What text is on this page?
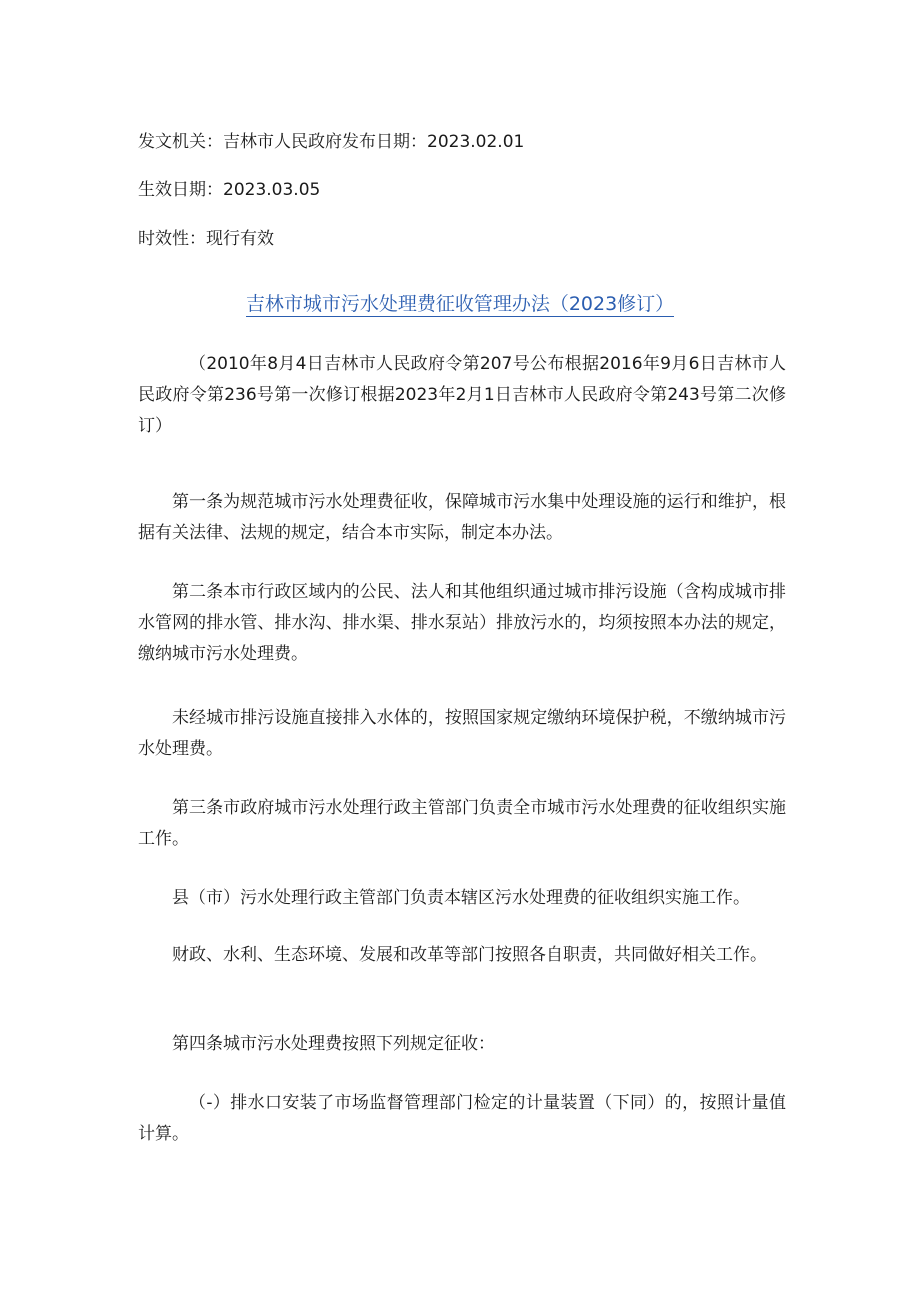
发文机关：吉林市人民政府发布日期：2023.02.01
生效日期：2023.03.05
时效性：现行有效
吉林市城市污水处理费征收管理办法（2023修订）

（2010年8月4日吉林市人民政府令第207号公布根据2016年9月6日吉林市人民政府令第236号第一次修订根据2023年2月1日吉林市人民政府令第243号第二次修订）

第一条为规范城市污水处理费征收，保障城市污水集中处理设施的运行和维护，根据有关法律、法规的规定，结合本市实际，制定本办法。

第二条本市行政区域内的公民、法人和其他组织通过城市排污设施（含构成城市排水管网的排水管、排水沟、排水渠、排水泵站）排放污水的，均须按照本办法的规定，缴纳城市污水处理费。

未经城市排污设施直接排入水体的，按照国家规定缴纳环境保护税，不缴纳城市污水处理费。

第三条市政府城市污水处理行政主管部门负责全市城市污水处理费的征收组织实施工作。

县（市）污水处理行政主管部门负责本辖区污水处理费的征收组织实施工作。

财政、水利、生态环境、发展和改革等部门按照各自职责，共同做好相关工作。

第四条城市污水处理费按照下列规定征收：

（-）排水口安装了市场监督管理部门检定的计量装置（下同）的，按照计量值计算。
